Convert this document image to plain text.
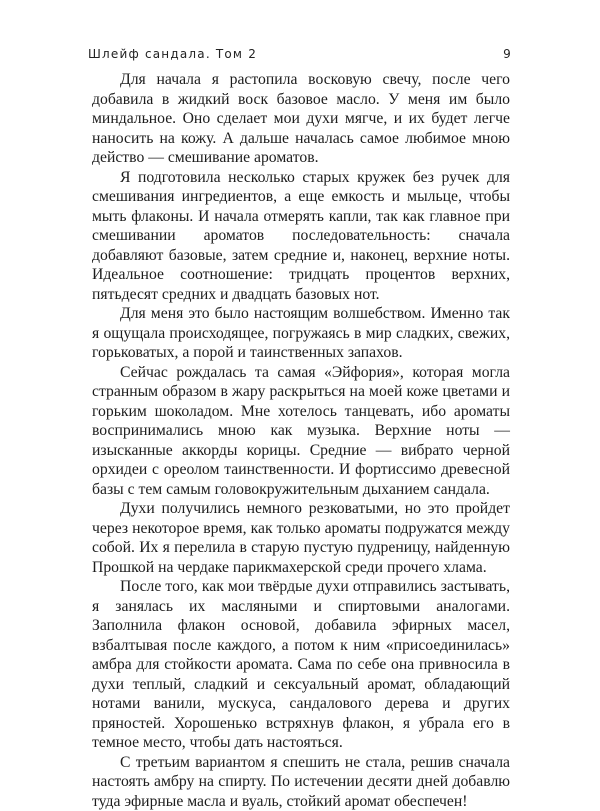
Шлейф сандала. Том 2	9

Для начала я растопила восковую свечу, после чего добавила в жидкий воск базовое масло. У меня им было миндальное. Оно сделает мои духи мягче, и их будет легче наносить на кожу. А дальше началась самое любимое мною действо — смешивание ароматов.

Я подготовила несколько старых кружек без ручек для смешивания ингредиентов, а еще емкость и мыльце, чтобы мыть флаконы. И начала отмерять капли, так как главное при смешивании ароматов последовательность: сначала добавляют базовые, затем средние и, наконец, верхние ноты. Идеальное соотношение: тридцать процентов верхних, пятьдесят средних и двадцать базовых нот.

Для меня это было настоящим волшебством. Именно так я ощущала происходящее, погружаясь в мир сладких, свежих, горьковатых, а порой и таинственных запахов.

Сейчас рождалась та самая «Эйфория», которая могла странным образом в жару раскрыться на моей коже цветами и горьким шоколадом. Мне хотелось танцевать, ибо ароматы воспринимались мною как музыка. Верхние ноты — изысканные аккорды корицы. Средние — вибрато черной орхидеи с ореолом таинственности. И фортиссимо древесной базы с тем самым головокружительным дыханием сандала.

Духи получились немного резковатыми, но это пройдет через некоторое время, как только ароматы подружатся между собой. Их я перелила в старую пустую пудреницу, найденную Прошкой на чердаке парикмахерской среди прочего хлама.

После того, как мои твёрдые духи отправились застывать, я занялась их масляными и спиртовыми аналогами. Заполнила флакон основой, добавила эфирных масел, взбалтывая после каждого, а потом к ним «присоединилась» амбра для стойкости аромата. Сама по себе она привносила в духи теплый, сладкий и сексуальный аромат, обладающий нотами ванили, мускуса, сандалового дерева и других пряностей. Хорошенько встряхнув флакон, я убрала его в темное место, чтобы дать настояться.

С третьим вариантом я спешить не стала, решив сначала настоять амбру на спирту. По истечении десяти дней добавлю туда эфирные масла и вуаль, стойкий аромат обеспечен!
